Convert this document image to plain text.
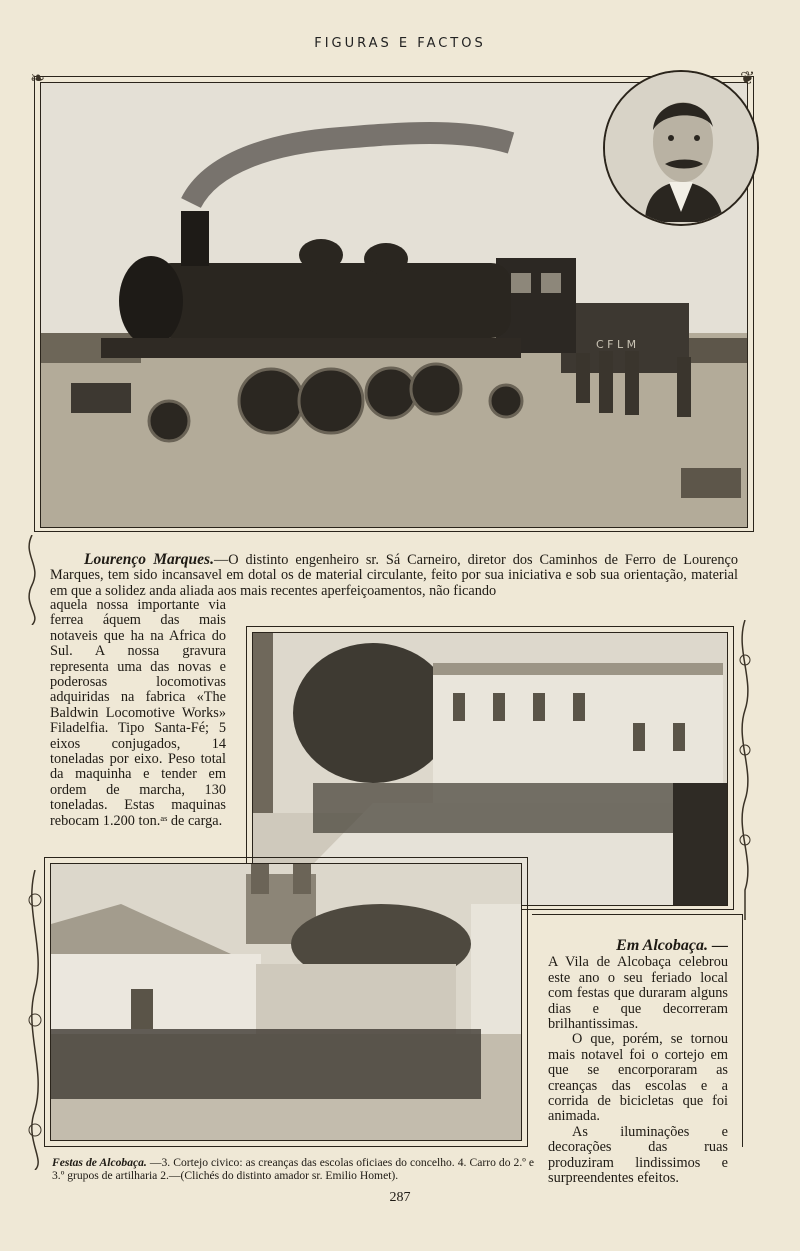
FIGURAS E FACTOS
C F L M
❧	❦
Lourenço Marques.—O distinto engenheiro sr. Sá Carneiro, diretor dos Caminhos de Ferro de Lourenço Marques, tem sido incansavel em dotal os de material circulante, feito por sua iniciativa e sob sua orientação, material em que a solidez anda aliada aos mais recentes aperfeiçoamentos, não ficando
aquela nossa importante via ferrea áquem das mais notaveis que ha na Africa do Sul. A nossa gravura representa uma das novas e poderosas locomotivas adquiridas na fabrica «The Baldwin Locomotive Works» Filadelfia. Tipo Santa-Fé; 5 eixos conjugados, 14 toneladas por eixo. Peso total da maquinha e tender em ordem de marcha, 130 toneladas. Estas maquinas rebocam 1.200 ton.ᵃˢ de carga.
Em Alcobaça. —
A Vila de Alcobaça celebrou este ano o seu feriado local com festas que duraram alguns dias e que decorreram brilhantissimas.
O que, porém, se tornou mais notavel foi o cortejo em que se encorporaram as creanças das escolas e a corrida de bicicletas que foi animada.
As iluminações e decorações das ruas produziram lindissimos e surpreendentes efeitos.
Festas de Alcobaça. —3. Cortejo civico: as creanças das escolas oficiaes do concelho. 4. Carro do 2.º e 3.º grupos de artilharia 2.—(Clichés do distinto amador sr. Emilio Homet).
287
